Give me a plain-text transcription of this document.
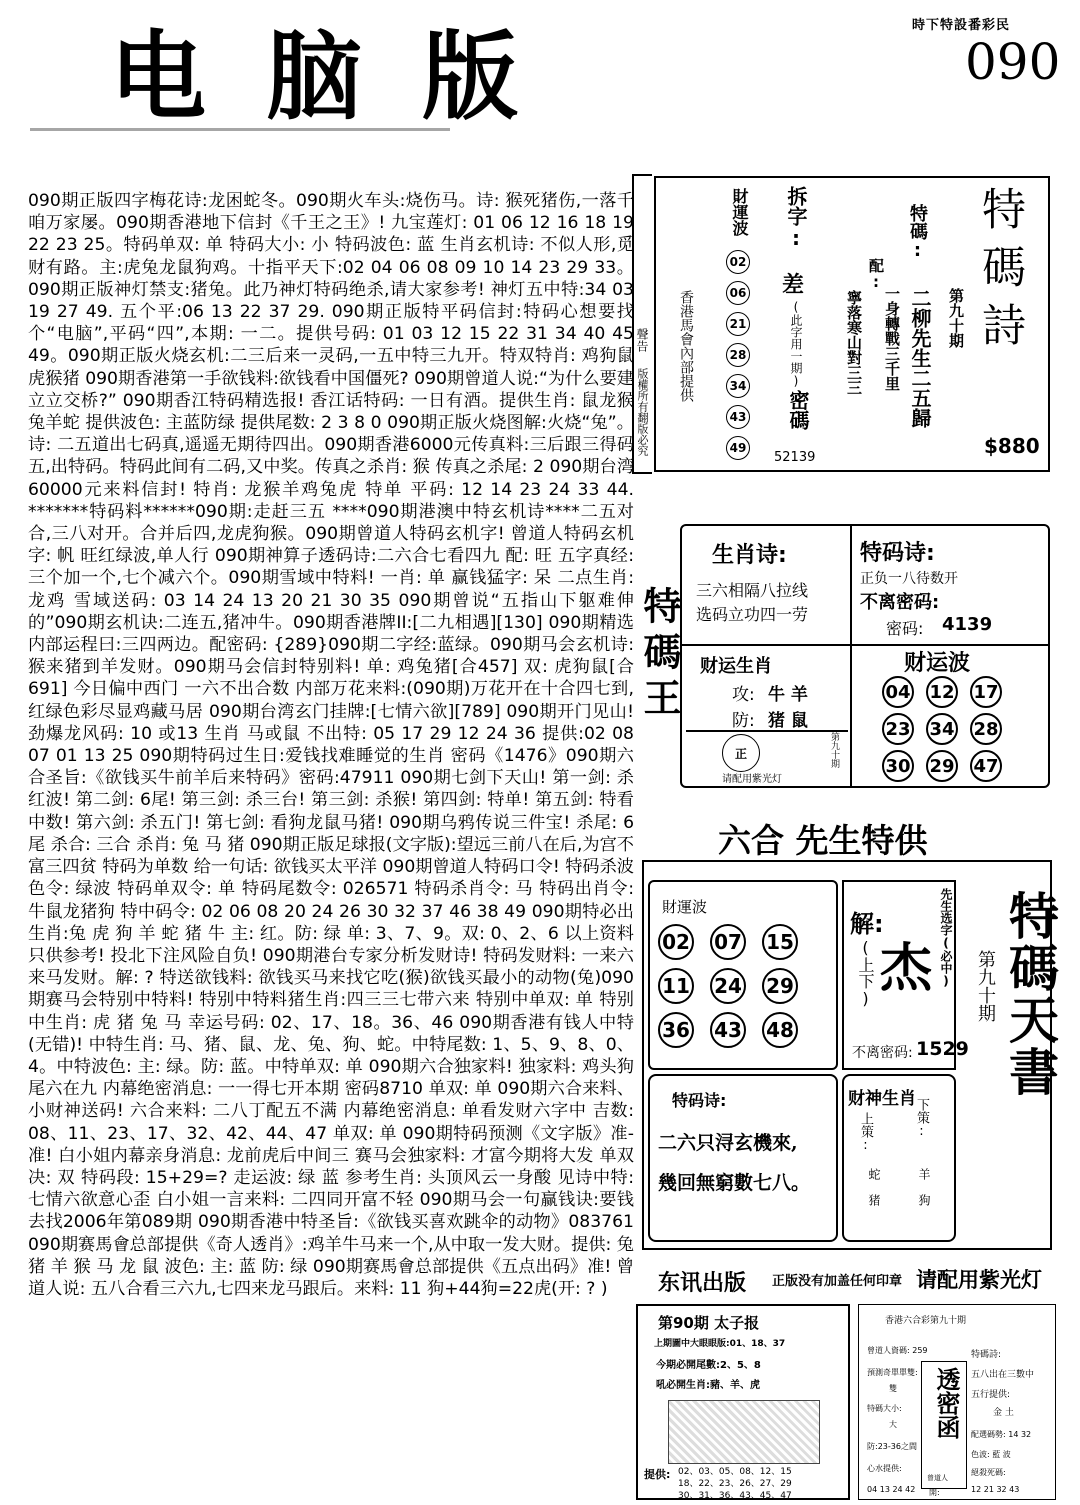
時下特設番彩民
电脑版	090
090期正版四字梅花诗:龙困蛇冬。090期火车头:烧伤马。诗: 猴死猪伤,一落千咱万家屡。090期香港地下信封《千王之王》! 九宝莲灯: 01 06 12 16 18 19 22 23 25。特码单双: 单 特码大小: 小 特码波色: 蓝 生肖玄机诗: 不似人形,觅财有路。主:虎兔龙鼠狗鸡。十指平天下:02 04 06 08 09 10 14 23 29 33。090期正版神灯禁支:猪兔。此乃神灯特码绝杀,请大家参考! 神灯五中特:34 03 19 27 49. 五个平:06 13 22 37 29. 090期正版特平码信封:特码心想要找个“电脑”,平码“四”,本期: 一二。提供号码: 01 03 12 15 22 31 34 40 45 49。090期正版火烧玄机:二三后来一灵码,一五中特三九开。特双特肖: 鸡狗鼠虎猴猪 090期香港第一手欲钱料:欲钱看中国僵死? 090期曾道人说:“为什么要建立立交桥?” 090期香江特码精选报! 香江话特码: 一日有酒。提供生肖: 鼠龙猴兔羊蛇 提供波色: 主蓝防绿 提供尾数: 2 3 8 0 090期正版火烧图解:火烧“兔”。诗: 二五道出七码真,遥遥无期待四出。090期香港6000元传真料:三后跟三得码五,出特码。特码此间有二码,又中奖。传真之杀肖: 猴 传真之杀尾: 2 090期台湾60000元来料信封! 特肖: 龙猴羊鸡兔虎 特单 平码: 12 14 23 24 33 44. *******特码料******090期:走赶三五 ****090期港澳中特玄机诗****二五对合,三八对开。合并后四,龙虎狗猴。090期曾道人特码玄机字! 曾道人特码玄机字: 帆 旺红绿波,单人行 090期神算子透码诗:二六合七看四九 配: 旺 五字真经:三个加一个,七个减六个。090期雪域中特料! 一肖: 单 赢钱猛字: 呆 二点生肖: 龙鸡 雪域送码: 03 14 24 13 20 21 30 35 090期曾说“五指山下躯难伸的”090期玄机诀:二连五,猪冲牛。090期香港牌II:[二九相遇][130] 090期精选内部运程曰:三四两边。配密码: {289}090期二字经:蓝绿。090期马会玄机诗:猴来猪到羊发财。090期马会信封特别料! 单: 鸡兔猪[合457] 双: 虎狗鼠[合691] 今日偏中西门 一六不出合数 内部万花来料:(090期)万花开在十合四七到,红绿色彩尽显鸡藏马居 090期台湾玄门挂牌:[七情六欲][789] 090期开门见山! 劲爆龙风码: 10 或13 生肖 马或鼠 不出特: 05 17 29 12 24 36 提供:02 08 07 01 13 25 090期特码过生日:爱钱找难睡觉的生肖 密码《1476》090期六合圣旨:《欲钱买牛前羊后来特码》密码:47911 090期七剑下天山! 第一剑: 杀红波! 第二剑: 6尾! 第三剑: 杀三台! 第三剑: 杀猴! 第四剑: 特单! 第五剑: 特看中数! 第六剑: 杀五门! 第七剑: 看狗龙鼠马猪! 090期乌鸦传说三件宝! 杀尾: 6尾 杀合: 三合 杀肖: 兔 马 猪 090期正版足球报(文字版):望远三前八在后,为宫不富三四贫 特码为单数 给一句话: 欲钱买太平洋 090期曾道人特码口令! 特码杀波色令: 绿波 特码单双令: 单 特码尾数令: 026571 特码杀肖令: 马 特码出肖令: 牛鼠龙猪狗 特中码令: 02 06 08 20 24 26 30 32 37 46 38 49 090期特必出生肖:兔 虎 狗 羊 蛇 猪 牛 主: 红。防: 绿 单: 3、7、9。双: 0、2、6 以上资料只供参考! 投北下注风险自负! 090期港台专家分析发财诗! 特码发财料: 一来六来马发财。解: ? 特送欲钱料: 欲钱买马来找它吃(猴)欲钱买最小的动物(兔)090期赛马会特别中特料! 特别中特料猪生肖:四三三七带六来 特别中单双: 单 特别中生肖: 虎 猪 兔 马 幸运号码: 02、17、18。36、46 090期香港有钱人中特(无错)! 中特生肖: 马、猪、鼠、龙、兔、狗、蛇。中特尾数: 1、5、9、8、0、4。中特波色: 主: 绿。防: 蓝。中特单双: 单 090期六合独家料! 独家料: 鸡头狗尾六在九 内幕绝密消息: 一一得七开本期 密码8710 单双: 单 090期六合来料、小财神送码! 六合来料: 二八丁配五不满 内幕绝密消息: 单看发财六字中 吉数: 08、11、23、17、32、42、44、47 单双: 单 090期特码预测《文字版》准-准! 白小姐内幕亲身消息: 龙前虎后中间三 赛马会独家料: 才富今期将大发 单双决: 双 特码段: 15+29=? 走运波: 绿 蓝 参考生肖: 头顶风云一身酸 见诗中特: 七情六欲意心歪 白小姐一言来料: 二四同开富不轻 090期马会一句赢钱诀:要钱去找2006年第089期 090期香港中特圣旨:《欲钱买喜欢跳伞的动物》083761 090期赛馬會总部提供《奇人透肖》:鸡羊牛马来一个,从中取一发大财。提供: 兔 猪 羊 猴 马 龙 鼠 波色: 主: 蓝 防: 绿 090期赛馬會总部提供《五点出码》准! 曾道人说: 五八合看三六九,七四来龙马跟后。来料: 11 狗+44狗=22虎(开: ? )
聲告
版權所有翻版必究
香港馬會內部提供
財運波
02
06
21
28
34
43
49
拆字:
差
(此字用一期)
密碼
52139
寧落寒山對三三
配:
一身轉戰三千里
特碼:
二柳先生二五歸 第九十期 特碼詩
$880
特碼王
生肖诗:
三六相隔八拉线
选码立功四一劳
特码诗:
正负一八待数开
不离密码:
密码: 4139
财运生肖
攻: 牛 羊
防: 猪 鼠
正	第九十期
请配用紫光灯
财运波
04 12 17
23 34 28
30 29 47
六合 先生特供
財運波
02 07 15
11 24 29
36 43 48
解:
(上下) 杰 先生选字(必中)
不离密码: 1529
特码诗:
二六只浔玄機來,
幾回無窮數七八。
财神生肖
上策:
蛇 猪
下策:
羊 狗
第九十期 特碼天書
东讯出版 正版没有加盖任何印章 请配用紫光灯
第90期 太子报
上期圖中大眼眼版:01、18、37
今期必開尾數:2、5、8
吼必開生肖:豬、羊、虎
提供: 02、03、05、08、12、15
18、22、23、26、27、29
30、31、36、43、45、47
香港六合彩第九十期
曾道人資碼: 259
預測奇單單雙:
雙
特碼大小:
大
防:23-36之間
心水提供:
04 13 24 42
透密函
曾道人
開:
特碼詩:
五八出在三數中
五行提供:
金 土
配選碼勢: 14 32
色波: 藍 波
絕殺死碼:
12 21 32 43
